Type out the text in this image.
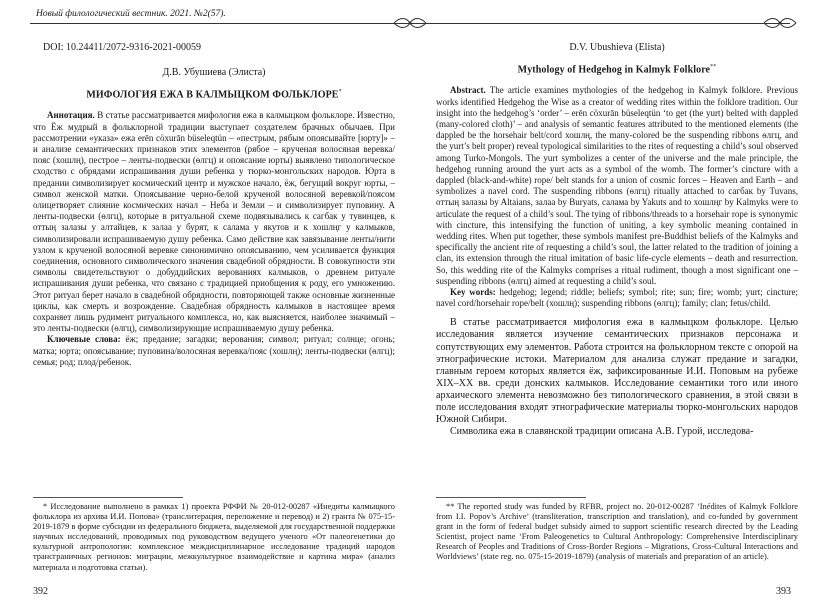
Новый филологический вестник. 2021. №2(57).
DOI: 10.24411/2072-9316-2021-00059
Д.В. Убушиева (Элиста)
МИФОЛОГИЯ ЕЖА В КАЛМЫЦКОМ ФОЛЬКЛОРЕ*

Аннотация. В статье рассматривается мифология ежа в калмыцком фольклоре. Известно, что Ёж мудрый в фольклорной традиции выступает создателем брачных обычаев. При рассмотрении «указа» ежа erēn cöxurān büseleqtün – «пестрым, рябым опоясывайте [юрту]» – и анализе семантических признаков этих элементов (рябое – крученая волосяная веревка/пояс (хошлң), пестрое – ленты-подвески (өлгц) и опоясание юрты) выявлено типологическое сходство с обрядами испрашивания души ребенка у тюрко-монгольских народов. Юрта в предании символизирует космический центр и мужское начало, ёж, бегущий вокруг юрты, – символ женской матки. Опоясывание черно-белой крученой волосяной веревкой/поясом олицетворяет слияние космических начал – Неба и Земли – и символизирует пуповину. А ленты-подвески (өлгц), которые в ритуальной схеме подвязывались к сагбак у тувинцев, к оттың залазы у алтайцев, к залаа у бурят, к салама у якутов и к хошлңг у калмыков, символизировали испрашиваемую душу ребенка. Само действие как завязывание ленты/нити узлом к крученой волосяной веревке синонимично опоясыванию, чем усиливается функция соединения, основного символического значения свадебной обрядности. В совокупности эти символы свидетельствуют о добуддийских верованиях калмыков, о древнем ритуале испрашивания души ребенка, что связано с традицией приобщения к роду, его умножению. Этот ритуал берет начало в свадебной обрядности, повторяющей также основные жизненные циклы, как смерть и возрождение. Свадебная обрядность калмыков в настоящее время сохраняет лишь рудимент ритуального комплекса, но, как выясняется, наиболее значимый – это ленты-подвески (өлгц), символизирующие испрашиваемую душу ребенка.

Ключевые слова: ёж; предание; загадки; верования; символ; ритуал; солнце; огонь; матка; юрта; опоясывание; пуповина/волосяная веревка/пояс (хошлң); ленты-подвески (өлгц); семья; род; плод/ребенок.

* Исследование выполнено в рамках 1) проекта РФФИ № 20-012-00287 «Инедиты калмыцкого фольклора из архива И.И. Попова» (транслитерация, переложение и перевод) и 2) гранта № 075-15-2019-1879 в форме субсидии из федерального бюджета, выделяемой для государственной поддержки научных исследований, проводимых под руководством ведущего ученого «От палеогенетики до культурной антропологии: комплексное междисциплинарное исследование традиций народов трансграничных регионов: миграции, межкультурное взаимодействие и картина мира» (анализ материала и подготовка статьи).

392
D.V. Ubushieva (Elista)
Mythology of Hedgehog in Kalmyk Folklore**

Abstract. The article examines mythologies of the hedgehog in Kalmyk folklore. Previous works identified Hedgehog the Wise as a creator of wedding rites within the folklore tradition. Our insight into the hedgehog’s ‘order’ – erēn cöxurān büseleqtün ‘to get (the yurt) belted with dappled (many-colored cloth)’ – and analysis of semantic features attributed to the mentioned elements (the dappled be the horsehair belt/cord хошлң, the many-colored be the suspending ribbons өлгц, and the yurt’s belt proper) reveal typological similarities to the rites of requesting a child’s soul observed among Turko-Mongols. The yurt symbolizes a center of the universe and the male principle, the hedgehog running around the yurt acts as a symbol of the womb. The former’s cincture with a dappled (black-and-white) rope/ belt stands for a union of cosmic forces – Heaven and Earth – and symbolizes a navel cord. The suspending ribbons (өлгц) ritually attached to сагбак by Tuvans, оттың залазы by Altaians, залаа by Buryats, салама by Yakuts and to хошлңг by Kalmyks were to articulate the request of a child’s soul. The tying of ribbons/threads to a horsehair rope is synonymic with cincture, this intensifying the function of uniting, a key symbolic meaning contained in wedding rites. When put together, these symbols manifest pre-Buddhist beliefs of the Kalmyks and specifically the ancient rite of requesting a child’s soul, the latter related to the tradition of joining a clan, its extension through the ritual imitation of basic life-cycle elements – death and resurrection. So, this wedding rite of the Kalmyks comprises a ritual rudiment, though a most significant one – suspending ribbons (өлгц) aimed at requesting a child’s soul.

Key words: hedgehog; legend; riddle; beliefs; symbol; rite; sun; fire; womb; yurt; cincture; navel cord/horsehair rope/belt (хошлң); suspending ribbons (өлгц); family; clan; fetus/child.

В статье рассматривается мифология ежа в калмыцком фольклоре. Целью исследования является изучение семантических признаков персонажа и сопутствующих ему элементов. Работа строится на фольклорном тексте с опорой на этнографические истоки. Материалом для анализа служат предание и загадки, главным героем которых является ёж, зафиксированные И.И. Поповым на рубеже XIX–XX вв. среди донских калмыков. Исследование семантики того или иного архаического элемента невозможно без типологического сравнения, в этой связи в поле исследования входят этнографические материалы тюрко-монгольских народов Южной Сибири.

Символика ежа в славянской традиции описана А.В. Гурой, исследова-

** The reported study was funded by RFBR, project no. 20-012-00287 ‘Inédites of Kalmyk Folklore from I.I. Popov’s Archive’ (transliteration, transcription and translation), and co-funded by government grant in the form of federal budget subsidy aimed to support scientific research directed by the Leading Scientist, project name ‘From Paleogenetics to Cultural Anthropology: Comprehensive Interdisciplinary Research of Peoples and Traditions of Cross-Border Regions – Migrations, Cross-Cultural Interactions and Worldviews’ (state reg. no. 075-15-2019-1879) (analysis of materials and preparation of an article).

393
